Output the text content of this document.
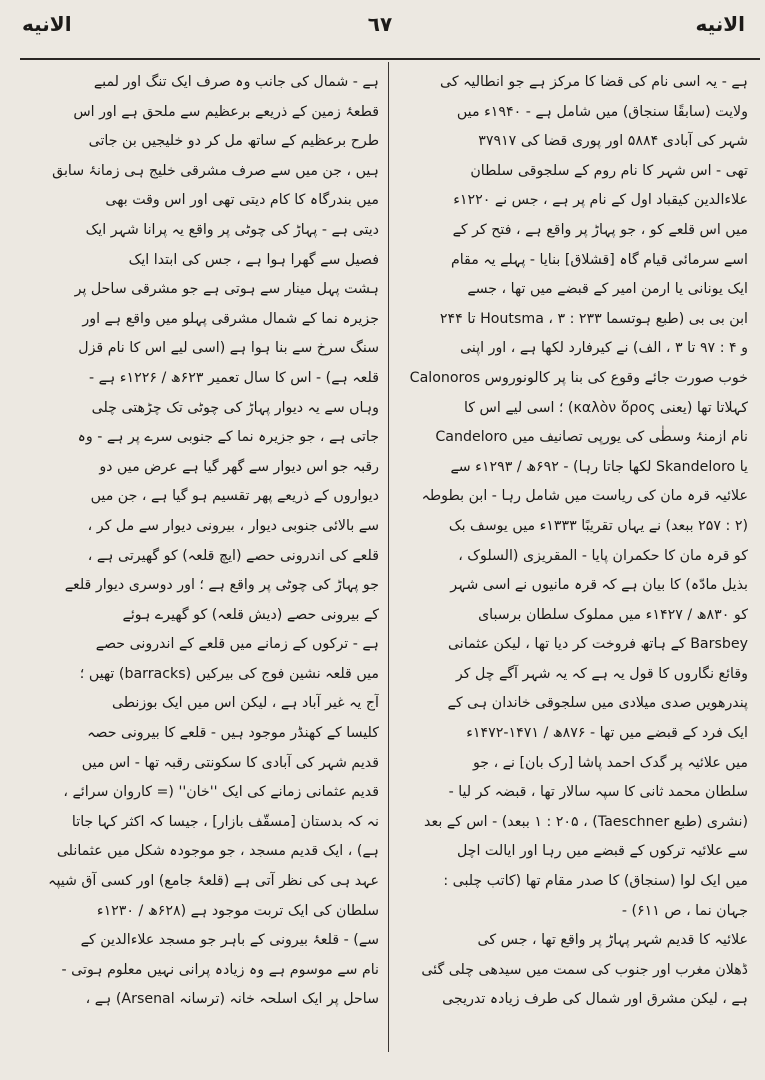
الانیه
٦٧
الانیه
ہے - یہ اسی نام کی قضا کا مرکز ہے جو انطالیہ کی
ولایت (سابقًا سنجاق) میں شامل ہے - ۱۹۴۰ء میں
شہر کی آبادی ۵۸۸۴ اور پوری قضا کی ۳۷۹۱۷
تھی - اس شہر کا نام روم کے سلجوقی سلطان
علاءالدین کیقباد اول کے نام پر ہے ، جس نے ۱۲۲۰ء
میں اس قلعے کو ، جو پہاڑ پر واقع ہے ، فتح کر کے
اسے سرمائی قیام گاہ [قشلاق] بنایا - پہلے یہ مقام
ایک یونانی یا ارمن امیر کے قبضے میں تھا ، جسے
ابن بی بی (طبع ہوتسما Houtsma ، ۳ : ۲۳۳ تا ۲۴۴
و ۴ : ۹۷ تا ۳ ، الف) نے کیرفارد لکھا ہے ، اور اپنی
خوب صورت جائے وقوع کی بنا پر کالونوروس Calonoros
کہلاتا تھا (یعنی καλὸν ὄρος) ؛ اسی لیے اس کا
نام ازمنۂ وسطٰی کی یورپی تصانیف میں Candeloro
یا Skandeloro لکھا جاتا رہا) - ۶۹۲ھ / ۱۲۹۳ء سے
علائیہ قرہ مان کی ریاست میں شامل رہا - ابن بطوطہ
(۲ : ۲۵۷ ببعد) نے یہاں تقریبًا ۱۳۳۳ء میں یوسف بک
کو قرہ مان کا حکمران پایا - المقریزی (السلوک ،
بذیل مادّہ) کا بیان ہے کہ قرہ مانیوں نے اسی شہر
کو ۸۳۰ھ / ۱۴۲۷ء میں مملوک سلطان برسبای
Barsbey کے ہاتھ فروخت کر دیا تھا ، لیکن عثمانی
وقائع نگاروں کا قول یہ ہے کہ یہ شہر آگے چل کر
پندرھویں صدی میلادی میں سلجوقی خاندان ہی کے
ایک فرد کے قبضے میں تھا - ۸۷۶ھ / ۱۴۷۱-۱۴۷۲ء
میں علائیہ پر گدک احمد پاشا [رک بان] نے ، جو
سلطان محمد ثانی کا سپہ سالار تھا ، قبضہ کر لیا -
(نشری (طبع Taeschner) ، ۱ : ۲۰۵ ببعد) - اس کے بعد
سے علائیہ ترکوں کے قبضے میں رہا اور ایالت اچل
میں ایک لوا (سنجاق) کا صدر مقام تھا (کاتب چلبی :
جہان نما ، ص ۶۱۱) -
علائیہ کا قدیم شہر پہاڑ پر واقع تھا ، جس کی
ڈھلان مغرب اور جنوب کی سمت میں سیدھی چلی گئی
ہے ، لیکن مشرق اور شمال کی طرف زیادہ تدریجی
ہے - شمال کی جانب وہ صرف ایک تنگ اور لمبے
قطعۂ زمین کے ذریعے برعظیم سے ملحق ہے اور اس
طرح برعظیم کے ساتھ مل کر دو خلیجیں بن جاتی
ہیں ، جن میں سے صرف مشرقی خلیج ہی زمانۂ سابق
میں بندرگاہ کا کام دیتی تھی اور اس وقت بھی
دیتی ہے - پہاڑ کی چوٹی پر واقع یہ پرانا شہر ایک
فصیل سے گھرا ہوا ہے ، جس کی ابتدا ایک
ہشت پہل مینار سے ہوتی ہے جو مشرقی ساحل پر
جزیرہ نما کے شمال مشرقی پہلو میں واقع ہے اور
سنگ سرخ سے بنا ہوا ہے (اسی لیے اس کا نام قزل
قلعہ ہے) - اس کا سال تعمیر ۶۲۳ھ / ۱۲۲۶ء ہے -
وہاں سے یہ دیوار پہاڑ کی چوٹی تک چڑھتی چلی
جاتی ہے ، جو جزیرہ نما کے جنوبی سرے پر ہے - وہ
رقبہ جو اس دیوار سے گھر گیا ہے عرض میں دو
دیواروں کے ذریعے پھر تقسیم ہو گیا ہے ، جن میں
سے بالائی جنوبی دیوار ، بیرونی دیوار سے مل کر ،
قلعے کی اندرونی حصے (ایچ قلعہ) کو گھیرتی ہے ،
جو پہاڑ کی چوٹی پر واقع ہے ؛ اور دوسری دیوار قلعے
کے بیرونی حصے (دیش قلعہ) کو گھیرے ہوئے
ہے - ترکوں کے زمانے میں قلعے کے اندرونی حصے
میں قلعہ نشین فوج کی بیرکیں (barracks) تھیں ؛
آج یہ غیر آباد ہے ، لیکن اس میں ایک بوزنطی
کلیسا کے کھنڈر موجود ہیں - قلعے کا بیرونی حصہ
قدیم شہر کی آبادی کا سکونتی رقبہ تھا - اس میں
قدیم عثمانی زمانے کی ایک ''خان'' (= کاروان سرائے ،
نہ کہ بدستان [مسقّف بازار] ، جیسا کہ اکثر کہا جاتا
ہے) ، ایک قدیم مسجد ، جو موجودہ شکل میں عثمانلی
عہد ہی کی نظر آتی ہے (قلعۂ جامع) اور کسی آق شیپہ
سلطان کی ایک تربت موجود ہے (۶۲۸ھ / ۱۲۳۰ء
سے) - قلعۂ بیرونی کے باہر جو مسجد علاءالدین کے
نام سے موسوم ہے وہ زیادہ پرانی نہیں معلوم ہوتی -
ساحل پر ایک اسلحہ خانہ (ترسانہ Arsenal) ہے ،
